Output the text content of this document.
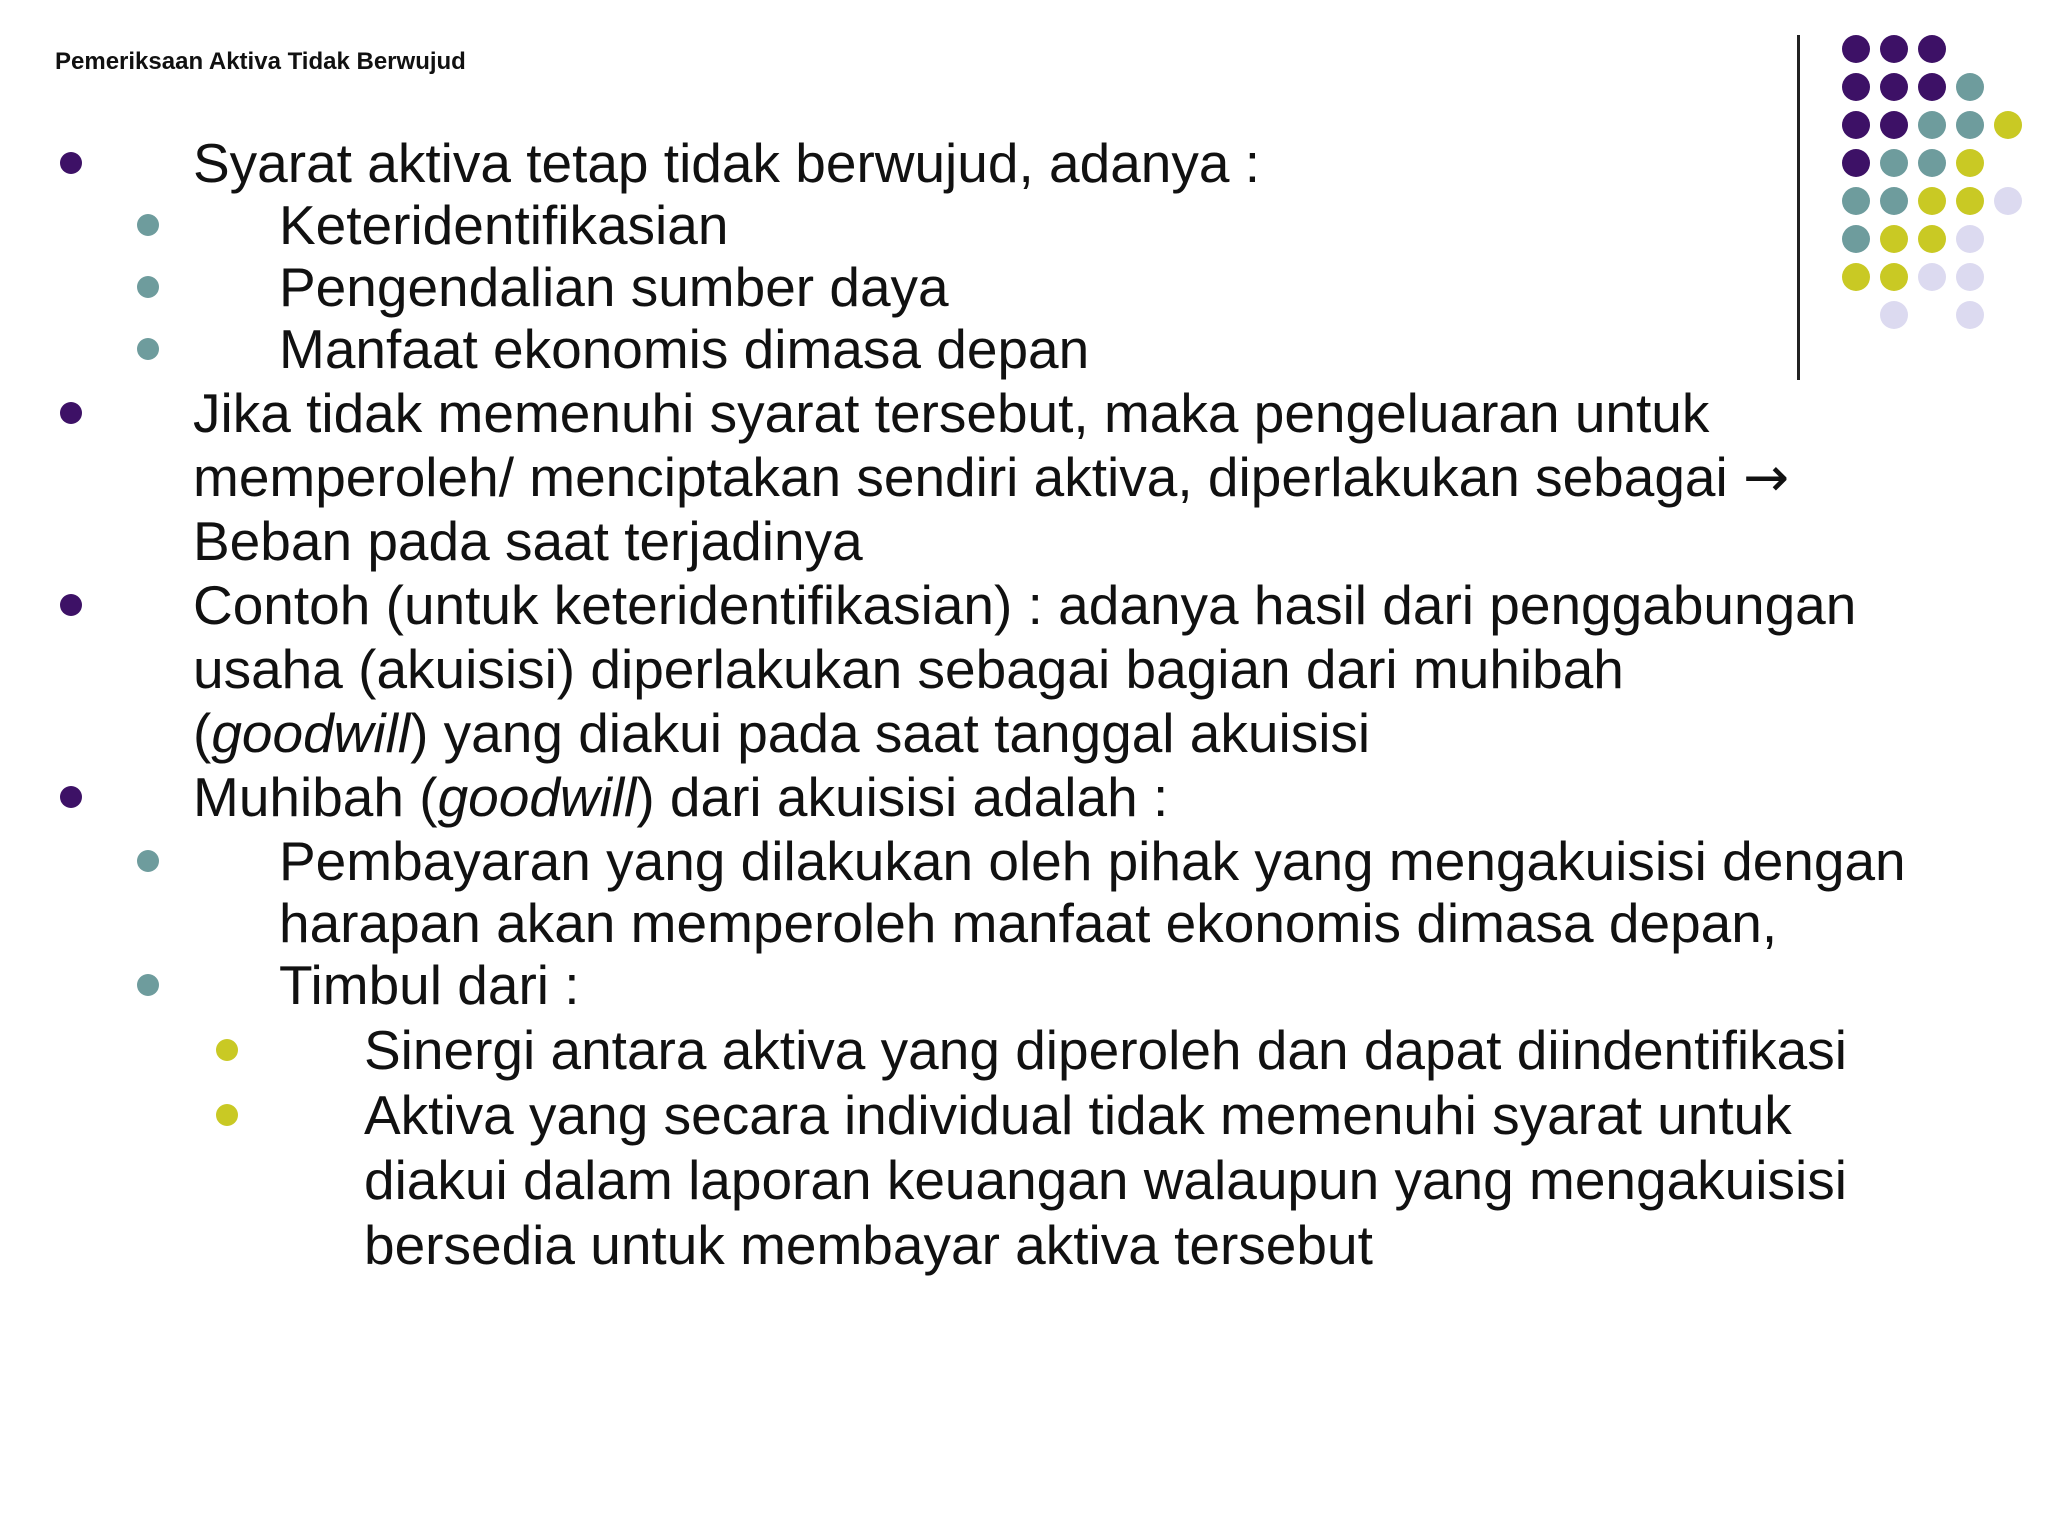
Pemeriksaan Aktiva Tidak Berwujud
Syarat aktiva tetap tidak berwujud, adanya :
Keteridentifikasian
Pengendalian sumber daya
Manfaat ekonomis dimasa depan
Jika tidak memenuhi syarat tersebut, maka pengeluaran untuk
memperoleh/ menciptakan sendiri aktiva, diperlakukan sebagai →
Beban pada saat terjadinya
Contoh (untuk keteridentifikasian) : adanya hasil dari penggabungan
usaha (akuisisi) diperlakukan sebagai bagian dari muhibah
(goodwill) yang diakui pada saat tanggal akuisisi
Muhibah (goodwill) dari akuisisi adalah :
Pembayaran yang dilakukan oleh pihak yang mengakuisisi dengan
harapan akan memperoleh manfaat ekonomis dimasa depan,
Timbul dari :
Sinergi antara aktiva yang diperoleh dan dapat diindentifikasi
Aktiva yang secara individual tidak memenuhi syarat untuk
diakui dalam laporan keuangan walaupun yang mengakuisisi
bersedia untuk membayar aktiva tersebut
